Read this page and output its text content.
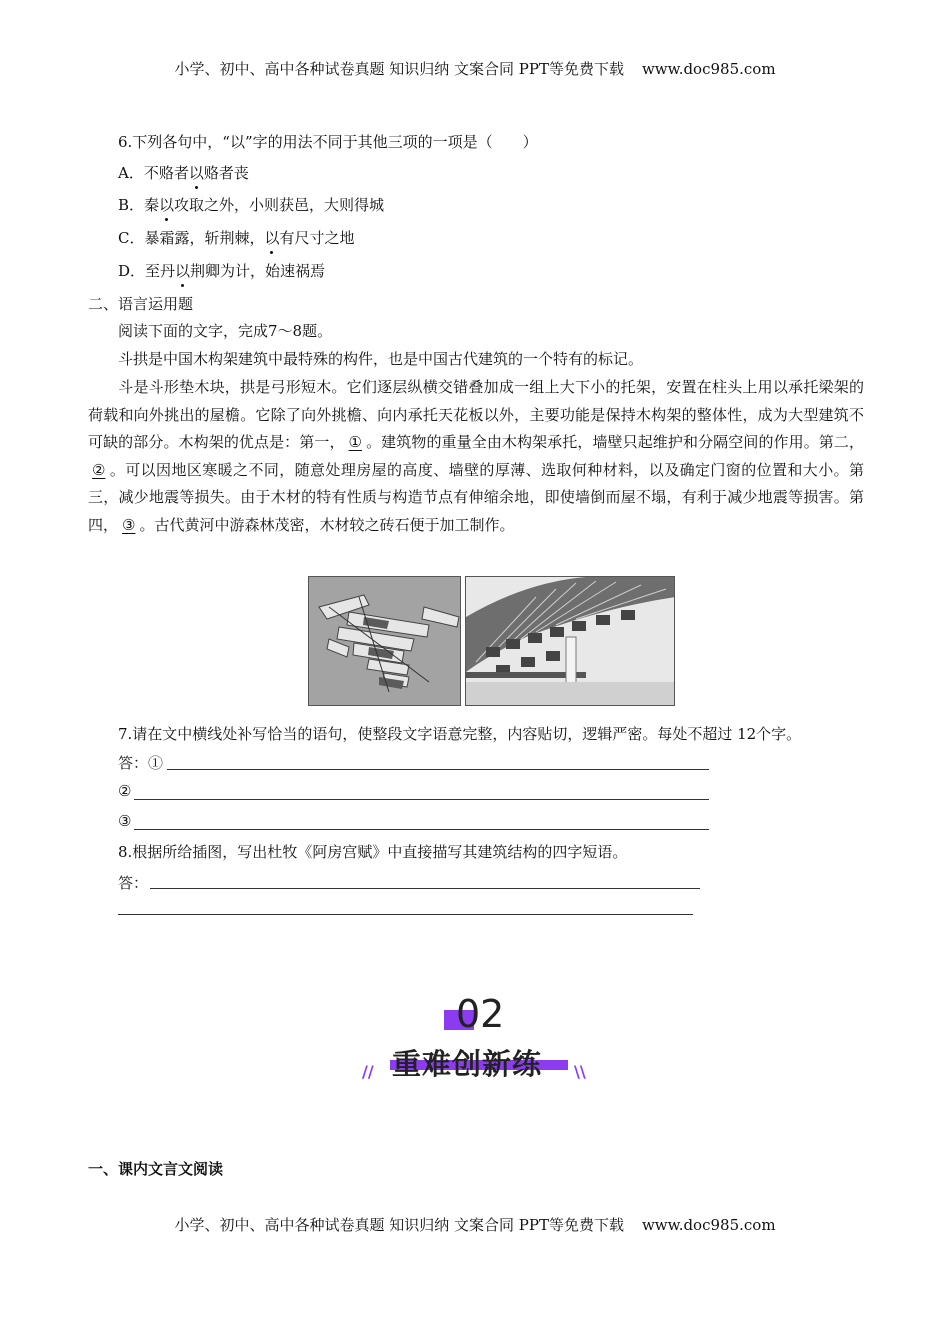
小学、初中、高中各种试卷真题 知识归纳 文案合同 PPT等免费下载 www.doc985.com
6.下列各句中，“以”字的用法不同于其他三项的一项是（　　）
A．不赂者以赂者丧
B．秦以攻取之外，小则获邑，大则得城
C．暴霜露，斩荆棘，以有尺寸之地
D．至丹以荆卿为计，始速祸焉
二、语言运用题
阅读下面的文字，完成7～8题。
斗拱是中国木构架建筑中最特殊的构件，也是中国古代建筑的一个特有的标记。
斗是斗形垫木块，拱是弓形短木。它们逐层纵横交错叠加成一组上大下小的托架，安置在柱头上用以承托梁架的荷载和向外挑出的屋檐。它除了向外挑檐、向内承托天花板以外，主要功能是保持木构架的整体性，成为大型建筑不可缺的部分。木构架的优点是：第一， ① 。建筑物的重量全由木构架承托，墙壁只起维护和分隔空间的作用。第二，② 。可以因地区寒暖之不同，随意处理房屋的高度、墙壁的厚薄、选取何种材料，以及确定门窗的位置和大小。第三，减少地震等损失。由于木材的特有性质与构造节点有伸缩余地，即使墙倒而屋不塌，有利于减少地震等损害。第四， ③ 。古代黄河中游森林茂密，木材较之砖石便于加工制作。
7.请在文中横线处补写恰当的语句，使整段文字语意完整，内容贴切，逻辑严密。每处不超过 12个字。
答：①
②
③
8.根据所给插图，写出杜牧《阿房宫赋》中直接描写其建筑结构的四字短语。
答：
02
重难创新练
//	\\
一、课内文言文阅读
小学、初中、高中各种试卷真题 知识归纳 文案合同 PPT等免费下载 www.doc985.com
